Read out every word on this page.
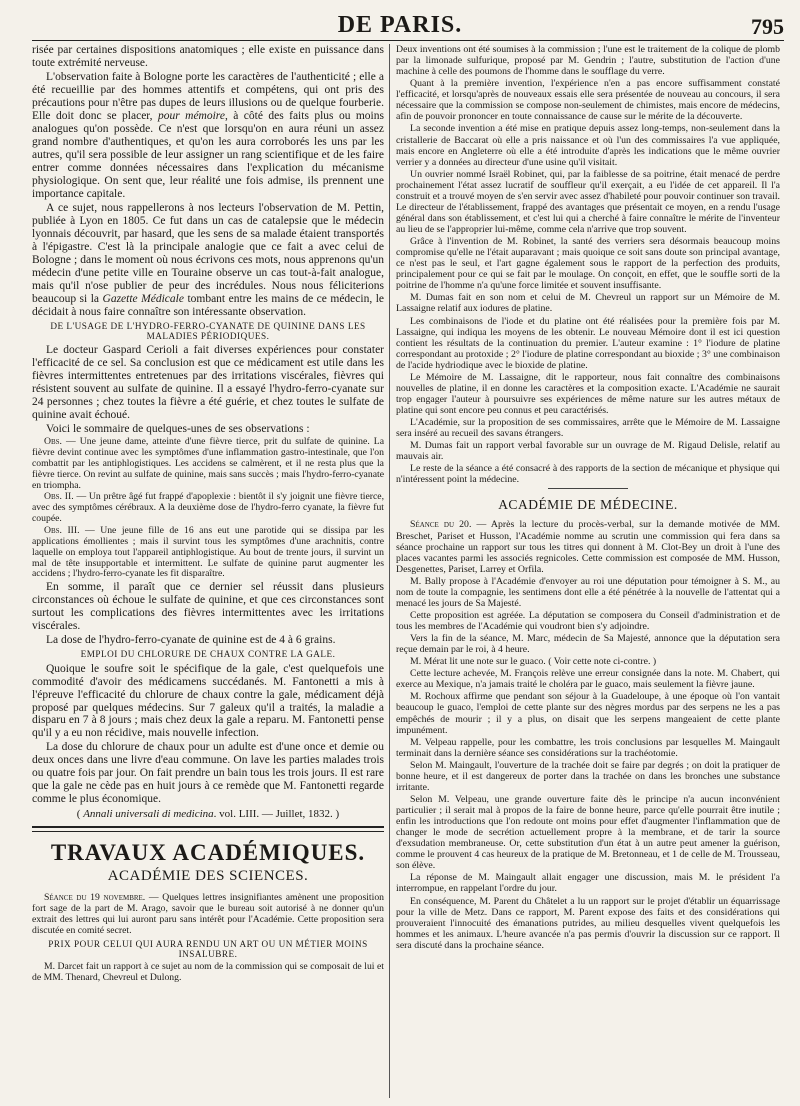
DE PARIS.	795

risée par certaines dispositions anatomiques ; elle existe en puissance dans toute extrémité nerveuse.

L'observation faite à Bologne porte les caractères de l'authenticité ; elle a été recueillie par des hommes attentifs et compétens, qui ont pris des précautions pour n'être pas dupes de leurs illusions ou de quelque fourberie. Elle doit donc se placer, pour mémoire, à côté des faits plus ou moins analogues qu'on possède. Ce n'est que lorsqu'on en aura réuni un assez grand nombre d'authentiques, et qu'on les aura corroborés les uns par les autres, qu'il sera possible de leur assigner un rang scientifique et de les faire entrer comme données nécessaires dans l'explication du mécanisme physiologique. On sent que, leur réalité une fois admise, ils prennent une importance capitale.

A ce sujet, nous rappellerons à nos lecteurs l'observation de M. Pettin, publiée à Lyon en 1805. Ce fut dans un cas de catalepsie que le médecin lyonnais découvrit, par hasard, que les sens de sa malade étaient transportés à l'épigastre. C'est là la principale analogie que ce fait a avec celui de Bologne ; dans le moment où nous écrivons ces mots, nous apprenons qu'un médecin d'une petite ville en Touraine observe un cas tout-à-fait analogue, mais qu'il n'ose publier de peur des incrédules. Nous nous féliciterions beaucoup si la Gazette Médicale tombant entre les mains de ce médecin, le décidait à nous faire connaître son intéressante observation.

DE L'USAGE DE L'HYDRO-FERRO-CYANATE DE QUININE DANS LES MALADIES PÉRIODIQUES.

Le docteur Gaspard Cerioli a fait diverses expériences pour constater l'efficacité de ce sel. Sa conclusion est que ce médicament est utile dans les fièvres intermittentes entretenues par des irritations viscérales, fièvres qui résistent souvent au sulfate de quinine. Il a essayé l'hydro-ferro-cyanate sur 24 personnes ; chez toutes la fièvre a été guérie, et chez toutes le sulfate de quinine avait échoué.

Voici le sommaire de quelques-unes de ses observations :

Obs. — Une jeune dame, atteinte d'une fièvre tierce, prit du sulfate de quinine. La fièvre devint continue avec les symptômes d'une inflammation gastro-intestinale, que l'on combattit par les antiphlogistiques. Les accidens se calmèrent, et il ne resta plus que la fièvre tierce. On revint au sulfate de quinine, mais sans succès ; mais l'hydro-ferro-cyanate en triompha.

Obs. II. — Un prêtre âgé fut frappé d'apoplexie : bientôt il s'y joignit une fièvre tierce, avec des symptômes cérébraux. A la deuxième dose de l'hydro-ferro cyanate, la fièvre fut coupée.

Obs. III. — Une jeune fille de 16 ans eut une parotide qui se dissipa par les applications émollientes ; mais il survint tous les symptômes d'une arachnitis, contre laquelle on employa tout l'appareil antiphlogistique. Au bout de trente jours, il survint un mal de tête insupportable et intermittent. Le sulfate de quinine parut augmenter les accidens ; l'hydro-ferro-cyanate les fit disparaître.

En somme, il paraît que ce dernier sel réussit dans plusieurs circonstances où échoue le sulfate de quinine, et que ces circonstances sont surtout les complications des fièvres intermittentes avec les irritations viscérales.

La dose de l'hydro-ferro-cyanate de quinine est de 4 à 6 grains.

EMPLOI DU CHLORURE DE CHAUX CONTRE LA GALE.

Quoique le soufre soit le spécifique de la gale, c'est quelquefois une commodité d'avoir des médicamens succédanés. M. Fantonetti a mis à l'épreuve l'efficacité du chlorure de chaux contre la gale, médicament déjà proposé par quelques médecins. Sur 7 galeux qu'il a traités, la maladie a disparu en 7 à 8 jours ; mais chez deux la gale a reparu. M. Fantonetti pense qu'il y a eu non récidive, mais nouvelle infection.

La dose du chlorure de chaux pour un adulte est d'une once et demie ou deux onces dans une livre d'eau commune. On lave les parties malades trois ou quatre fois par jour. On fait prendre un bain tous les trois jours. Il est rare que la gale ne cède pas en huit jours à ce remède que M. Fantonetti regarde comme le plus économique.

( Annali universali di medicina. vol. LIII. — Juillet, 1832. )
TRAVAUX ACADÉMIQUES.
ACADÉMIE DES SCIENCES.

Séance du 19 novembre. — Quelques lettres insignifiantes amènent une proposition fort sage de la part de M. Arago, savoir que le bureau soit autorisé à ne donner qu'un extrait des lettres qui lui auront paru sans intérêt pour l'Académie. Cette proposition sera discutée en comité secret.

PRIX POUR CELUI QUI AURA RENDU UN ART OU UN MÉTIER MOINS INSALUBRE.

M. Darcet fait un rapport à ce sujet au nom de la commission qui se composait de lui et de MM. Thenard, Chevreul et Dulong.

Deux inventions ont été soumises à la commission ; l'une est le traitement de la colique de plomb par la limonade sulfurique, proposé par M. Gendrin ; l'autre, substitution de l'action d'une machine à celle des poumons de l'homme dans le soufflage du verre.

Quant à la première invention, l'expérience n'en a pas encore suffisamment constaté l'efficacité, et lorsqu'après de nouveaux essais elle sera présentée de nouveau au concours, il sera nécessaire que la commission se compose non-seulement de chimistes, mais encore de médecins, afin de pouvoir prononcer en toute connaissance de cause sur le mérite de la découverte.

La seconde invention a été mise en pratique depuis assez long-temps, non-seulement dans la cristallerie de Baccarat où elle a pris naissance et où l'un des commissaires l'a vue appliquée, mais encore en Angleterre où elle a été introduite d'après les indications que le même ouvrier verrier y a données au directeur d'une usine qu'il visitait.

Un ouvrier nommé Israël Robinet, qui, par la faiblesse de sa poitrine, était menacé de perdre prochainement l'état assez lucratif de souffleur qu'il exerçait, a eu l'idée de cet appareil. Il l'a construit et a trouvé moyen de s'en servir avec assez d'habileté pour pouvoir continuer son travail. Le directeur de l'établissement, frappé des avantages que présentait ce moyen, en a rendu l'usage général dans son établissement, et c'est lui qui a cherché à faire connaître le mérite de l'inventeur au lieu de se l'approprier lui-même, comme cela n'arrive que trop souvent.

Grâce à l'invention de M. Robinet, la santé des verriers sera désormais beaucoup moins compromise qu'elle ne l'était auparavant ; mais quoique ce soit sans doute son principal avantage, ce n'est pas le seul, et l'art gagne également sous le rapport de la perfection des produits, principalement pour ce qui se fait par le moulage. On conçoit, en effet, que le souffle sorti de la poitrine de l'homme n'a qu'une force limitée et souvent insuffisante.

M. Dumas fait en son nom et celui de M. Chevreul un rapport sur un Mémoire de M. Lassaigne relatif aux iodures de platine.

Les combinaisons de l'iode et du platine ont été réalisées pour la première fois par M. Lassaigne, qui indiqua les moyens de les obtenir. Le nouveau Mémoire dont il est ici question contient les résultats de la continuation du premier. L'auteur examine : 1° l'iodure de platine correspondant au protoxide ; 2° l'iodure de platine correspondant au bioxide ; 3° une combinaison de l'acide hydriodique avec le bioxide de platine.

Le Mémoire de M. Lassaigne, dit le rapporteur, nous fait connaître des combinaisons nouvelles de platine, il en donne les caractères et la composition exacte. L'Académie ne saurait trop engager l'auteur à poursuivre ses expériences de même nature sur les autres métaux de platine qui sont encore peu connus et peu caractérisés.

L'Académie, sur la proposition de ses commissaires, arrête que le Mémoire de M. Lassaigne sera inséré au recueil des savans étrangers.

M. Dumas fait un rapport verbal favorable sur un ouvrage de M. Rigaud Delisle, relatif au mauvais air.

Le reste de la séance a été consacré à des rapports de la section de mécanique et physique qui n'intéressent point la médecine.

ACADÉMIE DE MÉDECINE.

Séance du 20. — Après la lecture du procès-verbal, sur la demande motivée de MM. Breschet, Pariset et Husson, l'Académie nomme au scrutin une commission qui fera dans sa séance prochaine un rapport sur tous les titres qui donnent à M. Clot-Bey un droit à l'une des places vacantes parmi les associés regnicoles. Cette commission est composée de MM. Husson, Desgenettes, Pariset, Larrey et Orfila.

M. Bally propose à l'Académie d'envoyer au roi une députation pour témoigner à S. M., au nom de toute la compagnie, les sentimens dont elle a été pénétrée à la nouvelle de l'attentat qui a menacé les jours de Sa Majesté.

Cette proposition est agréée. La députation se composera du Conseil d'administration et de tous les membres de l'Académie qui voudront bien s'y adjoindre.

Vers la fin de la séance, M. Marc, médecin de Sa Majesté, annonce que la députation sera reçue demain par le roi, à 4 heure.

M. Mérat lit une note sur le guaco. ( Voir cette note ci-contre. )

Cette lecture achevée, M. François relève une erreur consignée dans la note. M. Chabert, qui exerce au Mexique, n'a jamais traité le choléra par le guaco, mais seulement la fièvre jaune.

M. Rochoux affirme que pendant son séjour à la Guadeloupe, à une époque où l'on vantait beaucoup le guaco, l'emploi de cette plante sur des nègres mordus par des serpens ne les a pas empêchés de mourir ; il y a plus, on disait que les serpens mangeaient de cette plante impunément.

M. Velpeau rappelle, pour les combattre, les trois conclusions par lesquelles M. Maingault terminait dans la dernière séance ses considérations sur la trachéotomie.

Selon M. Maingault, l'ouverture de la trachée doit se faire par degrés ; on doit la pratiquer de bonne heure, et il est dangereux de porter dans la trachée on dans les bronches une substance irritante.

Selon M. Velpeau, une grande ouverture faite dès le principe n'a aucun inconvénient particulier ; il serait mal à propos de la faire de bonne heure, parce qu'elle pourrait être inutile ; enfin les introductions que l'on redoute ont moins pour effet d'augmenter l'inflammation que de changer le mode de secrétion actuellement propre à la membrane, et de tarir la source d'exsudation membraneuse. Or, cette substitution d'un état à un autre peut amener la guérison, comme le prouvent 4 cas heureux de la pratique de M. Bretonneau, et 1 de celle de M. Trousseau, son élève.

La réponse de M. Maingault allait engager une discussion, mais M. le président l'a interrompue, en rappelant l'ordre du jour.

En conséquence, M. Parent du Châtelet a lu un rapport sur le projet d'établir un équarrissage pour la ville de Metz. Dans ce rapport, M. Parent expose des faits et des considérations qui prouveraient l'innocuité des émanations putrides, au milieu desquelles vivent quelquefois les hommes et les animaux. L'heure avancée n'a pas permis d'ouvrir la discussion sur ce rapport. Il sera discuté dans la prochaine séance.
